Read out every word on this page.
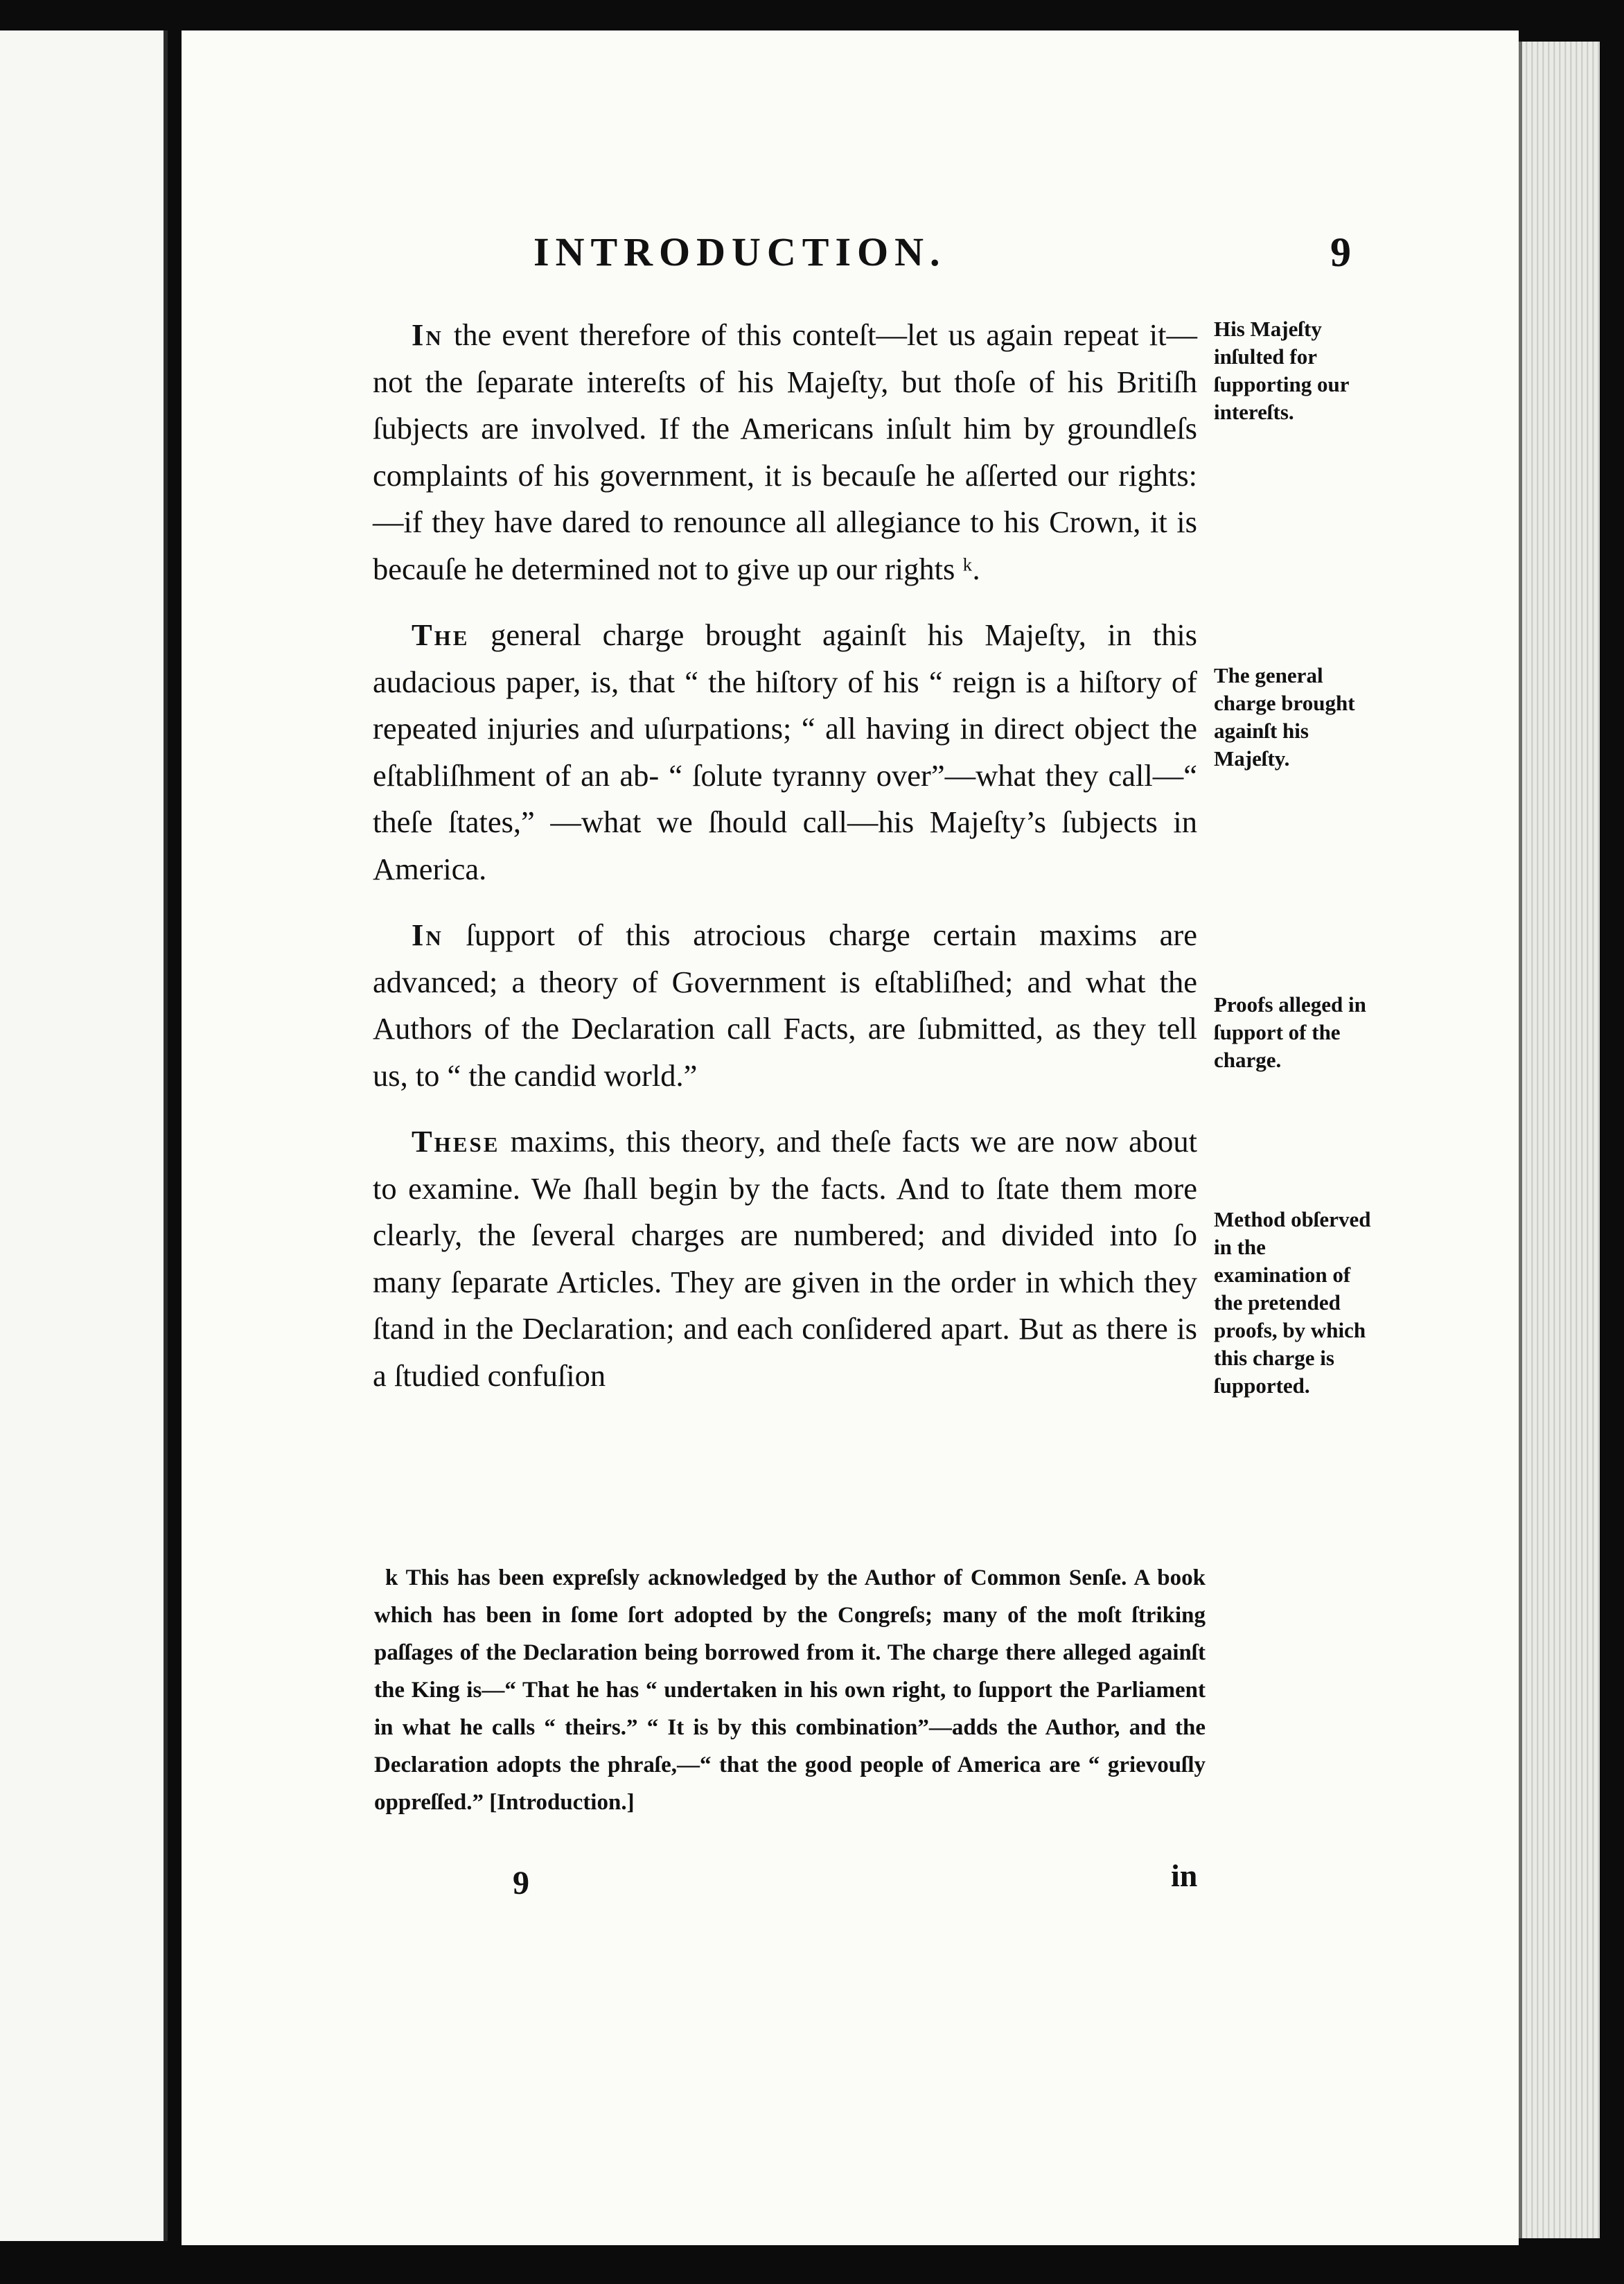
INTRODUCTION.	9

In the event therefore of this conteſt—let us again repeat it—not the ſeparate intereſts of his Majeſty, but thoſe of his Britiſh ſubjects are involved. If the Americans inſult him by groundleſs complaints of his government, it is becauſe he aſſerted our rights:—if they have dared to renounce all allegiance to his Crown, it is becauſe he determined not to give up our rights ᵏ.

The general charge brought againſt his Majeſty, in this audacious paper, is, that “ the hiſtory of his “ reign is a hiſtory of repeated injuries and uſurpations; “ all having in direct object the eſtabliſhment of an ab- “ ſolute tyranny over”—what they call—“ theſe ſtates,” —what we ſhould call—his Majeſty’s ſubjects in America.

In ſupport of this atrocious charge certain maxims are advanced; a theory of Government is eſtabliſhed; and what the Authors of the Declaration call Facts, are ſubmitted, as they tell us, to “ the candid world.”

These maxims, this theory, and theſe facts we are now about to examine. We ſhall begin by the facts. And to ſtate them more clearly, the ſeveral charges are numbered; and divided into ſo many ſeparate Articles. They are given in the order in which they ſtand in the Declaration; and each conſidered apart. But as there is a ſtudied confuſion

His Majeſty inſulted for ſupporting our intereſts.
The general charge brought againſt his Majeſty.
Proofs alleged in ſupport of the charge.
Method obſerved in the examination of the pretended proofs, by which this charge is ſupported.
k This has been expreſsly acknowledged by the Author of Common Senſe. A book which has been in ſome ſort adopted by the Congreſs; many of the moſt ſtriking paſſages of the Declaration being borrowed from it. The charge there alleged againſt the King is—“ That he has “ undertaken in his own right, to ſupport the Parliament in what he calls “ theirs.” “ It is by this combination”—adds the Author, and the Declaration adopts the phraſe,—“ that the good people of America are “ grievouſly oppreſſed.” [Introduction.]
9	in
